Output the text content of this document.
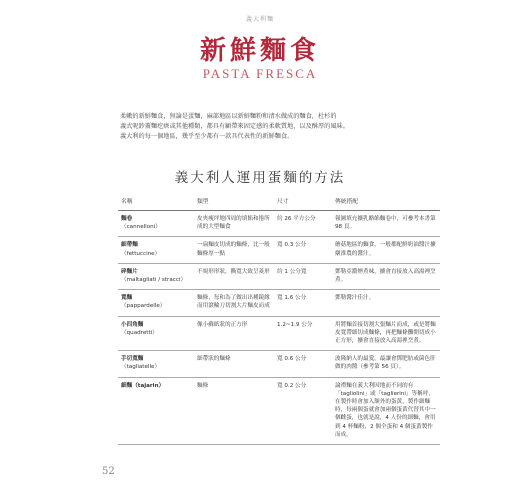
義大利麵
新鮮麵食
PASTA FRESCA
柔嫩的新鮮麵食，無論是蛋麵，麻部地區以新鮮麵粉和清水做成的麵食，杜杉的
義式呢鈔蓋麵疙瘩或其他種類，都具有顧帶來固定感的柔軟質地，以及酥厚的風味。
義大利的每一個地區，幾乎至少都有一款具代表性的新鮮麵食。
義大利人運用蛋麵的方法
名稱	類型	尺寸	傳統搭配
麵卷
（cannelloni）	皮夾瘦坪地四周的填餡和捲所成的大型麵食	約 26 平方公分	報圖填充擴乳酪餡麵卷中，可參考本書第 98 頁。
細帶麵
（fettuccine）	一扁麵皮切成的麵條，比一般麵條厚一點	寬 0.3 公分	蘑菇地區的麵食，一般都配鮮奶油醬汁擴燉淮農的醬汁。
碎麵片
（maltagliati / stracci）	不規形形狀，撕寬大致呈菱形	約 1 公分寬	鄧勒亞濃煙煮味，擴會直接放入高湯裡烹煮。
寬麵
（pappardelle）	麵條，每和為了做出出種鏡緣而用滾輪刀切割大片麵皮而成	寬 1.6 公分	鄧勒醬汁佳汁。
小四角麵
（quadretti）	像小蘇紙狀的正方形	1.2~1.9 公分	用將麵首接切割大張麵片而成，或是將麵皮寬帶細切成麵條，再把麵條攤開切成小正方形，擴會直接放入高湯裡烹煮。
手切寬麵
（tagliatelle）	細帶狀的麵條	寬 0.6 公分	波隆納人的最愛，最讓會鄧肥肪或菌色肝做的肉醬（參考第 56 頁）。
細麵（tajarin）	麵條	寬 0.2 公分	論禮麵在義大利因地而不同的有「tagliolini」或「taglierini」等稱呼，在製作時會加入額外的蛋黃，製作細麵時，每兩個蛋就會加兩個蛋黃代替其中一個雌蛋，也就是說，4 人份的細麵，會用到 4 杯麵粉，2 個全蛋和 4 個蛋黃製作而成。
52
